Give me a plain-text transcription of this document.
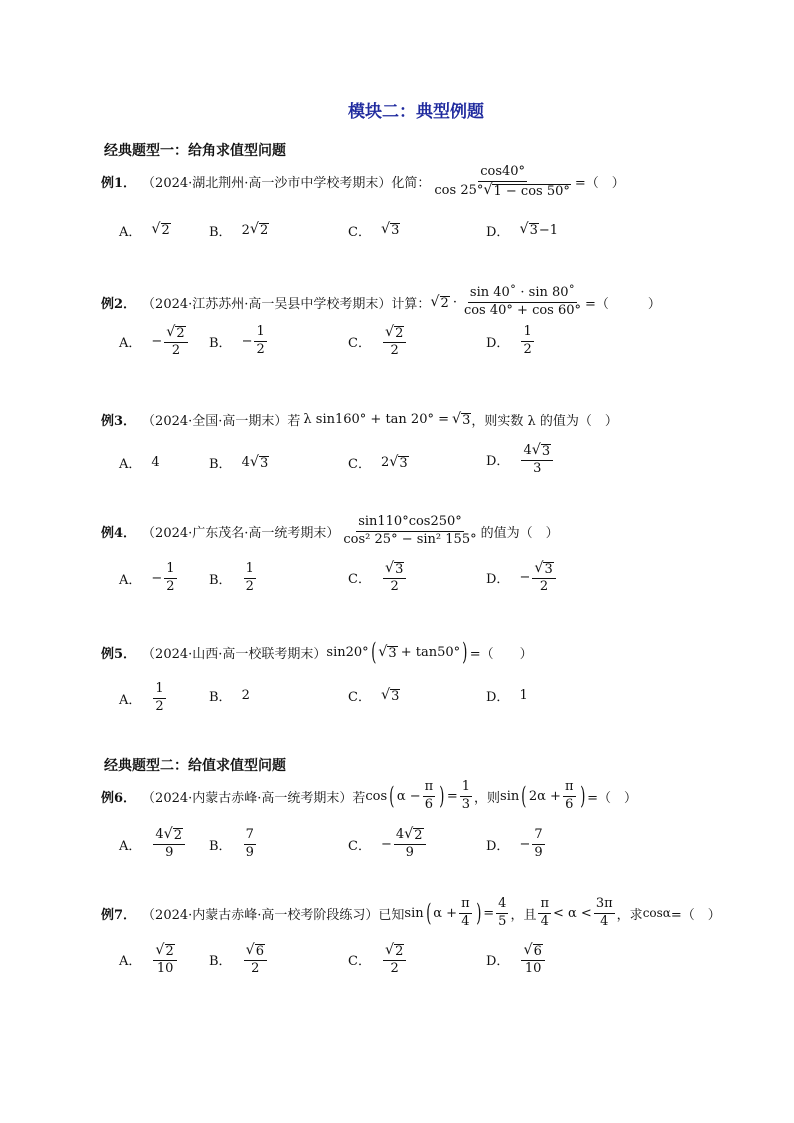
模块二：典型例题
经典题型一：给角求值型问题
例1． （2024·湖北荆州·高一沙市中学校考期末）化简： $\frac{\cos 40^\circ}{\cos 25^\circ √ 1 - \cos 50^\circ}$ =（　）
A． √ 2	B． 2 √ 2	C． √ 3	D． √ 3 −1
例2． （2024·江苏苏州·高一吴县中学校考期末）计算： √ $2 \cdot \frac{\sin 40˚ \cdot \sin 80˚}{\cos 40^\circ + \cos 60^\circ}$ =（　　　）
A． − $\frac{√ 2}{2}$ B． − $\frac{1}{2}$	C． $\frac{√ 2}{2}$	D． $\frac{1}{2}$
例3． （2024·全国·高一期末）若 λ sin160° + tan 20° = √ 3 ，则实数 λ 的值为（　）
A． 4	B． 4 √ 3	C． 2 √ 3	D． $\frac{4 √ 3}{3}$
例4． （2024·广东茂名·高一统考期末） $\frac{\sin 110^\circ\cos 250^\circ}{\text{cos² 25° − sin² 155°}}$ 的值为（　）
A． − $\frac{1}{2}$ B． $\frac{1}{2}$	C． $\frac{√ 3}{2}$	D． − $\frac{√ 3}{2}$
例5． （2024·山西·高一校联考期末） sin20° ( √ 3 + tan50° ) =（　　）
A． $\frac{1}{2}$	B． 2	C． √ 3	D． 1
经典题型二：给值求值型问题
例6． （2024·内蒙古赤峰·高一统考期末）若 cos ( $\alpha - \frac{\pi}{6}$ ) = $\frac{1}{3}$ ，则 sin ( $2\alpha + \frac{\pi}{6}$ ) =（　）
A． $\frac{4 √ 2}{9}$ B． $\frac{7}{9}$	C． − $\frac{4 √ 2}{9}$	D． − $\frac{7}{9}$
例7． （2024·内蒙古赤峰·高一校考阶段练习）已知 sin ( $\alpha + \frac{\pi}{4}$ ) = $\frac{4}{5}$ ，且 $\frac{\pi}{4} < \alpha < \frac{3\pi}{4}$ ，求 cosα =（　）
A． $\frac{√ 2}{10}$ B． $\frac{√ 6}{2}$	C． $\frac{√ 2}{2}$	D． $\frac{√ 6}{10}$
